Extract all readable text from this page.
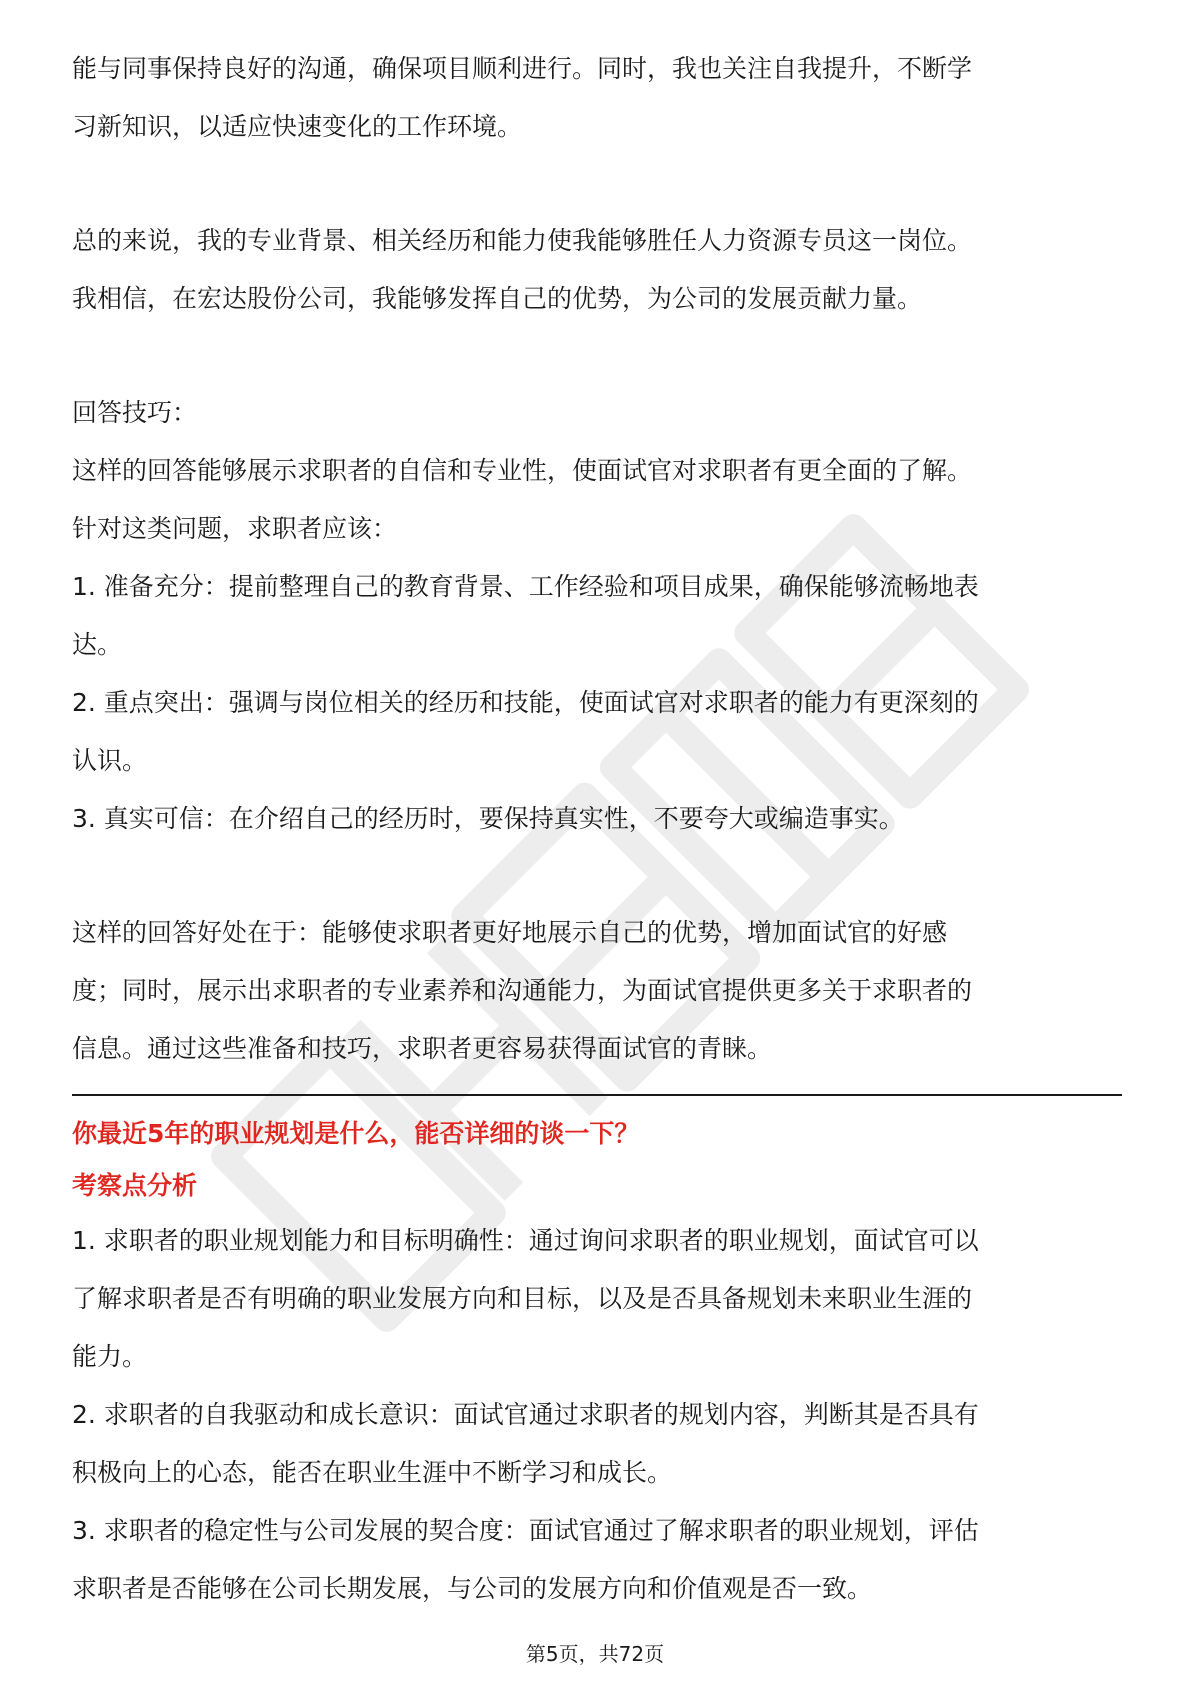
能与同事保持良好的沟通，确保项目顺利进行。同时，我也关注自我提升，不断学
习新知识，以适应快速变化的工作环境。
总的来说，我的专业背景、相关经历和能力使我能够胜任人力资源专员这一岗位。
我相信，在宏达股份公司，我能够发挥自己的优势，为公司的发展贡献力量。
回答技巧：
这样的回答能够展示求职者的自信和专业性，使面试官对求职者有更全面的了解。
针对这类问题，求职者应该：
1. 准备充分：提前整理自己的教育背景、工作经验和项目成果，确保能够流畅地表
达。
2. 重点突出：强调与岗位相关的经历和技能，使面试官对求职者的能力有更深刻的
认识。
3. 真实可信：在介绍自己的经历时，要保持真实性，不要夸大或编造事实。
这样的回答好处在于：能够使求职者更好地展示自己的优势，增加面试官的好感
度；同时，展示出求职者的专业素养和沟通能力，为面试官提供更多关于求职者的
信息。通过这些准备和技巧，求职者更容易获得面试官的青睐。
你最近5年的职业规划是什么，能否详细的谈一下？
考察点分析
1. 求职者的职业规划能力和目标明确性：通过询问求职者的职业规划，面试官可以
了解求职者是否有明确的职业发展方向和目标，以及是否具备规划未来职业生涯的
能力。
2. 求职者的自我驱动和成长意识：面试官通过求职者的规划内容，判断其是否具有
积极向上的心态，能否在职业生涯中不断学习和成长。
3. 求职者的稳定性与公司发展的契合度：面试官通过了解求职者的职业规划，评估
求职者是否能够在公司长期发展，与公司的发展方向和价值观是否一致。
第5页，共72页
